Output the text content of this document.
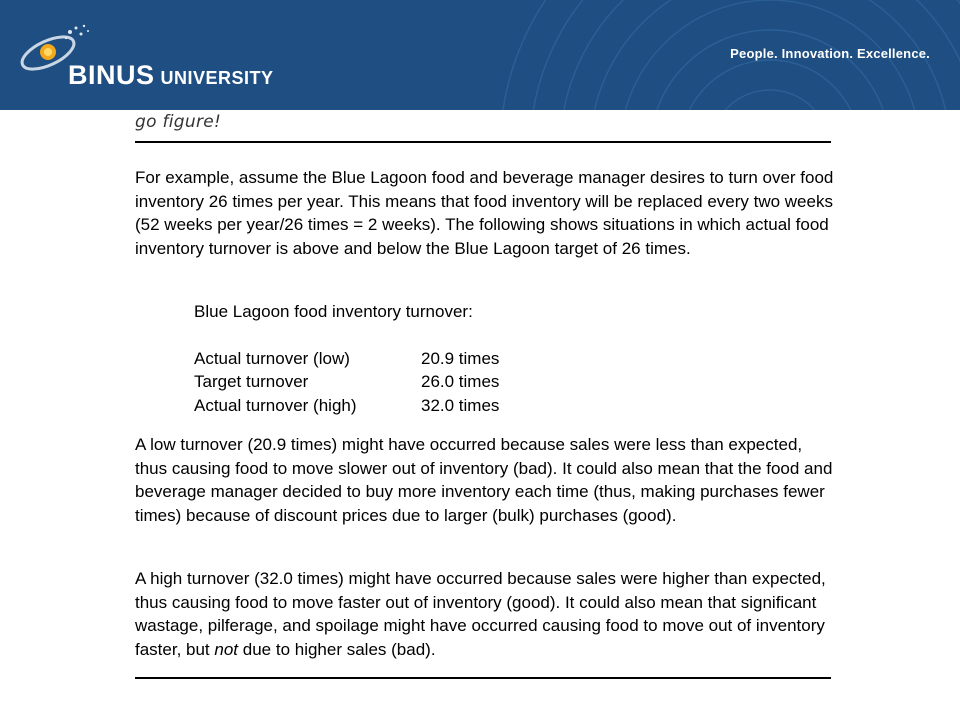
BINUS UNIVERSITY
People. Innovation. Excellence.
go figure!

For example, assume the Blue Lagoon food and beverage manager desires to turn over food inventory 26 times per year. This means that food inventory will be replaced every two weeks (52 weeks per year/26 times = 2 weeks). The following shows situations in which actual food inventory turnover is above and below the Blue Lagoon target of 26 times.

Blue Lagoon food inventory turnover:

Actual turnover (low)	20.9 times
Target turnover	26.0 times
Actual turnover (high)	32.0 times

A low turnover (20.9 times) might have occurred because sales were less than expected, thus causing food to move slower out of inventory (bad). It could also mean that the food and beverage manager decided to buy more inventory each time (thus, making purchases fewer times) because of discount prices due to larger (bulk) purchases (good).

A high turnover (32.0 times) might have occurred because sales were higher than expected, thus causing food to move faster out of inventory (good). It could also mean that significant wastage, pilferage, and spoilage might have occurred causing food to move out of inventory faster, but not due to higher sales (bad).
